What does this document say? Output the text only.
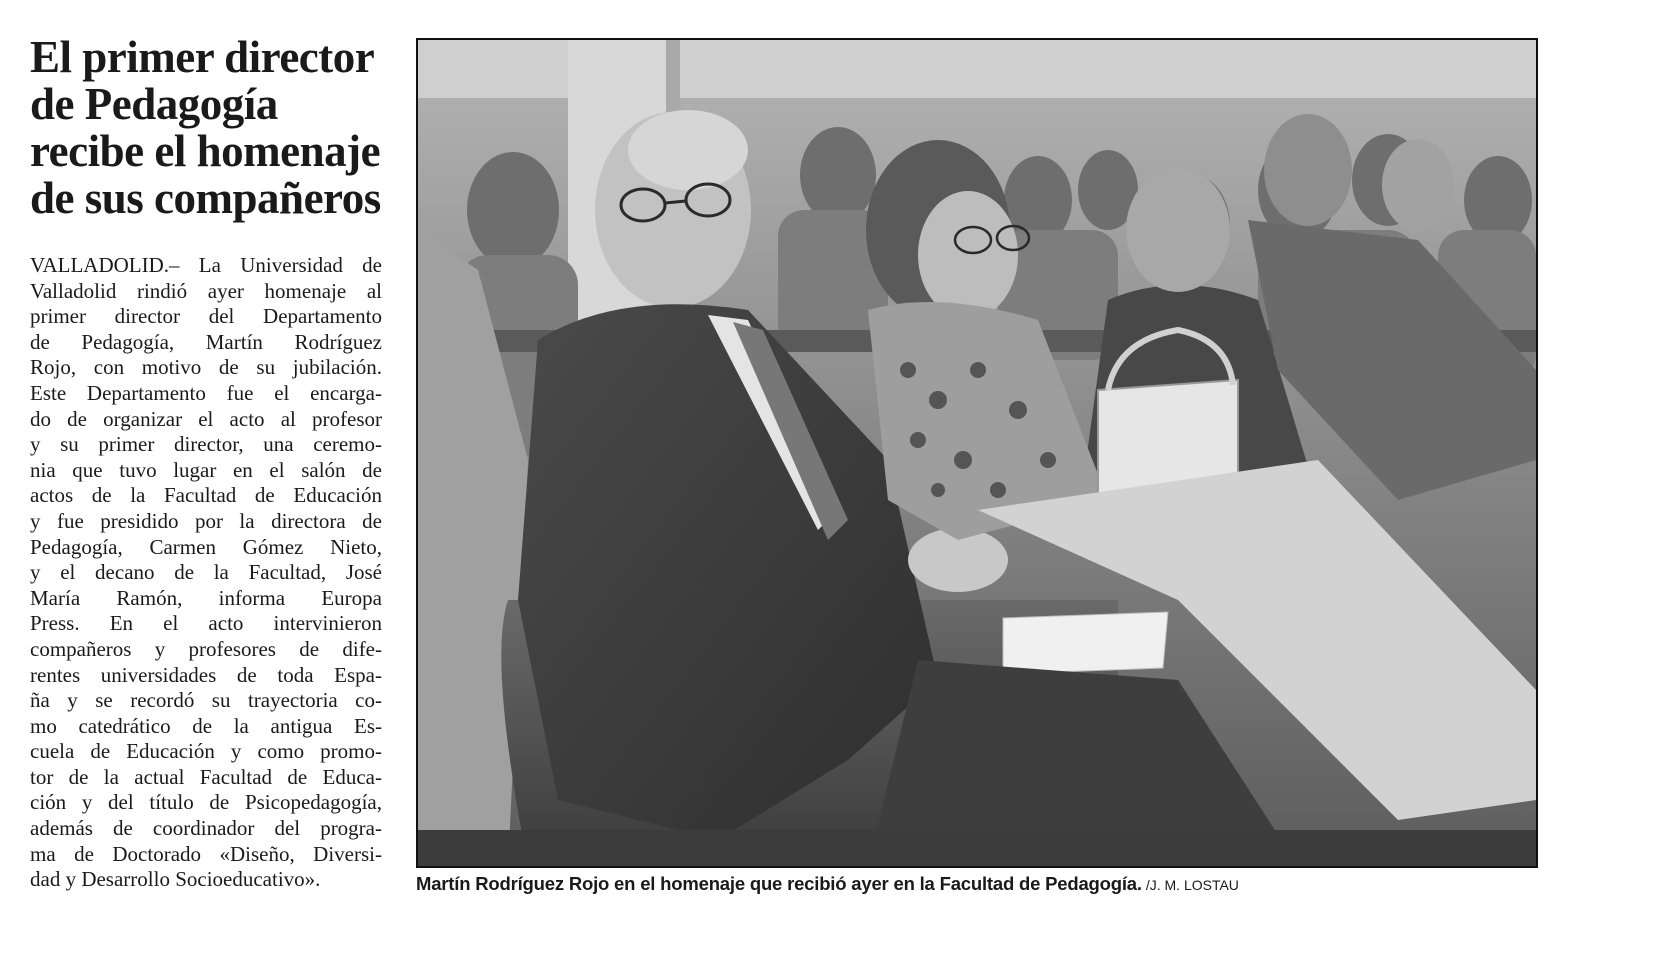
El primer director
de Pedagogía
recibe el homenaje
de sus compañeros
VALLADOLID.– La Universidad de
Valladolid rindió ayer homenaje al
primer director del Departamento
de Pedagogía, Martín Rodríguez
Rojo, con motivo de su jubilación.
Este Departamento fue el encarga-
do de organizar el acto al profesor
y su primer director, una ceremo-
nia que tuvo lugar en el salón de
actos de la Facultad de Educación
y fue presidido por la directora de
Pedagogía, Carmen Gómez Nieto,
y el decano de la Facultad, José
María Ramón, informa Europa
Press. En el acto intervinieron
compañeros y profesores de dife-
rentes universidades de toda Espa-
ña y se recordó su trayectoria co-
mo catedrático de la antigua Es-
cuela de Educación y como promo-
tor de la actual Facultad de Educa-
ción y del título de Psicopedagogía,
además de coordinador del progra-
ma de Doctorado «Diseño, Diversi-
dad y Desarrollo Socioeducativo».	Martín Rodríguez Rojo en el homenaje que recibió ayer en la Facultad de Pedagogía. /J. M. LOSTAU
